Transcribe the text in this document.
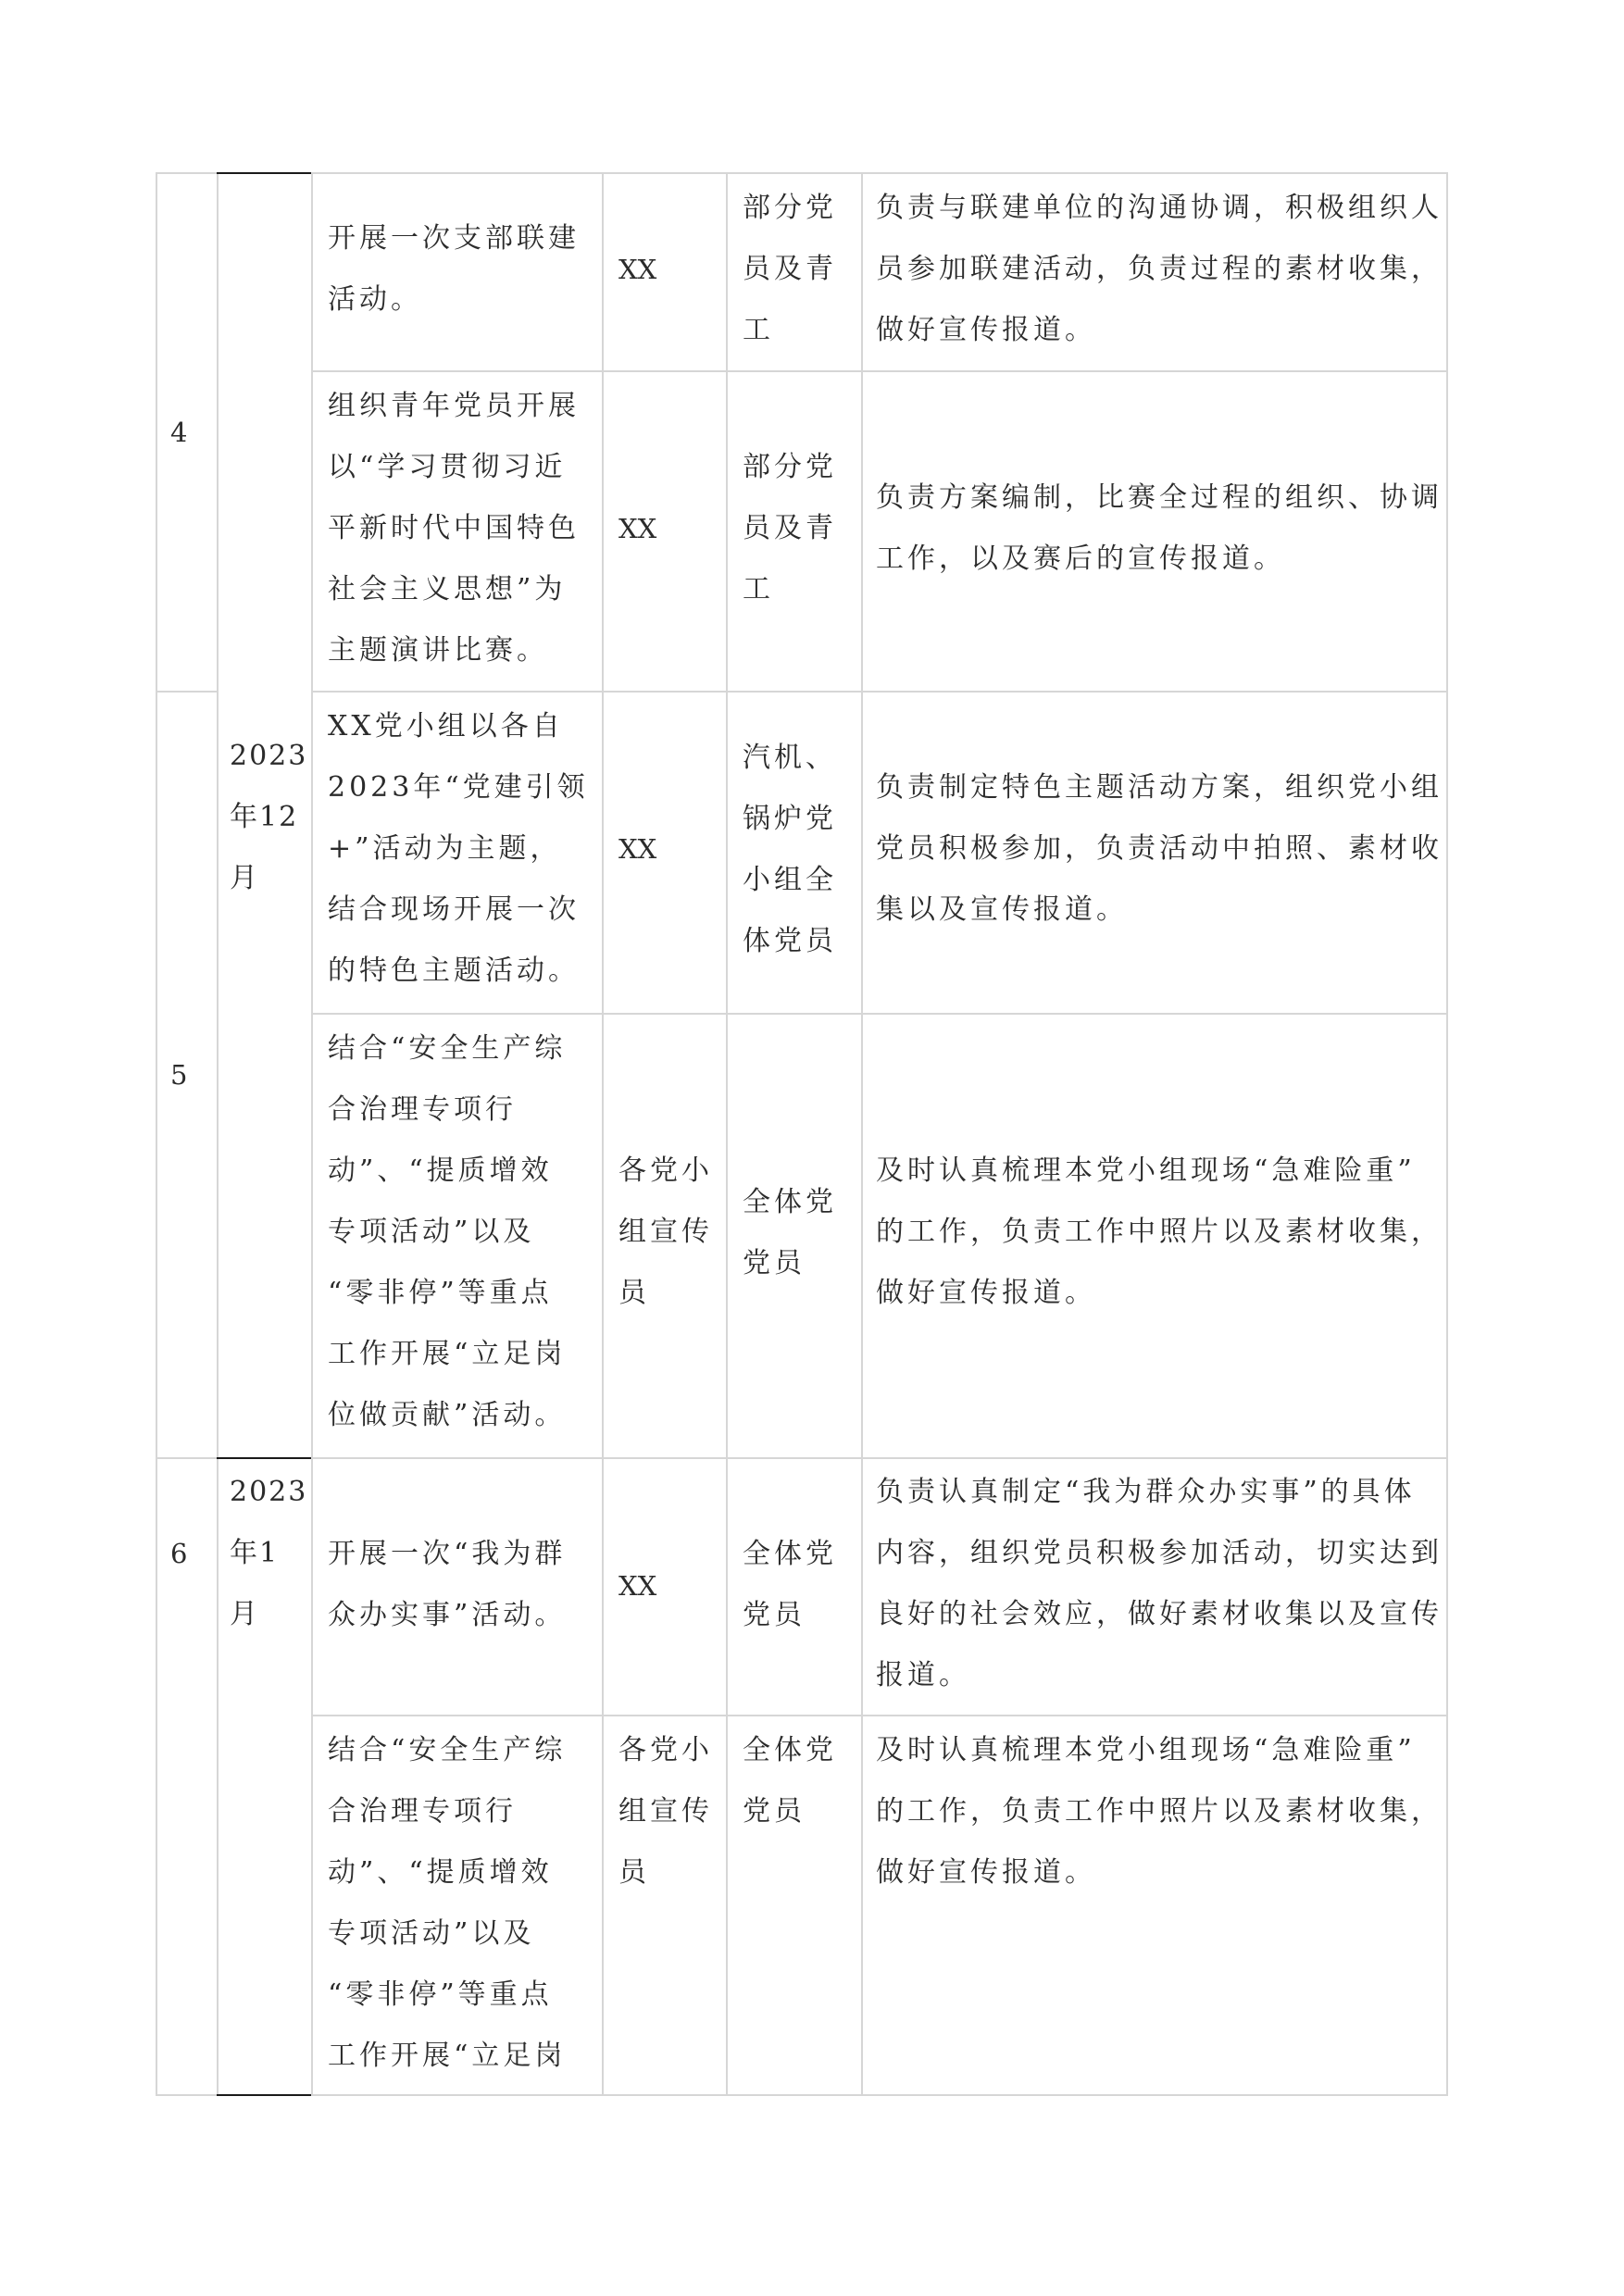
4
5

6

2023
年12
月
2023
年1
月
开展一次支部联建
活动。
XX
部分党
员及青
工
负责与联建单位的沟通协调，积极组织人
员参加联建活动，负责过程的素材收集，
做好宣传报道。
组织青年党员开展
以“学习贯彻习近
平新时代中国特色
社会主义思想”为
主题演讲比赛。
XX
部分党
员及青
工
负责方案编制，比赛全过程的组织、协调
工作，以及赛后的宣传报道。
XX党小组以各自
2023年“党建引领
+”活动为主题，
结合现场开展一次
的特色主题活动。
XX
汽机、
锅炉党
小组全
体党员
负责制定特色主题活动方案，组织党小组
党员积极参加，负责活动中拍照、素材收
集以及宣传报道。
结合“安全生产综
合治理专项行
动”、“提质增效
专项活动”以及
“零非停”等重点
工作开展“立足岗
位做贡献”活动。
各党小
组宣传
员
全体党
党员
及时认真梳理本党小组现场“急难险重”
的工作，负责工作中照片以及素材收集，
做好宣传报道。
开展一次“我为群
众办实事”活动。
XX
全体党
党员
负责认真制定“我为群众办实事”的具体
内容，组织党员积极参加活动，切实达到
良好的社会效应，做好素材收集以及宣传
报道。
结合“安全生产综
合治理专项行
动”、“提质增效
专项活动”以及
“零非停”等重点
工作开展“立足岗
各党小
组宣传
员
全体党
党员
及时认真梳理本党小组现场“急难险重”
的工作，负责工作中照片以及素材收集，
做好宣传报道。
